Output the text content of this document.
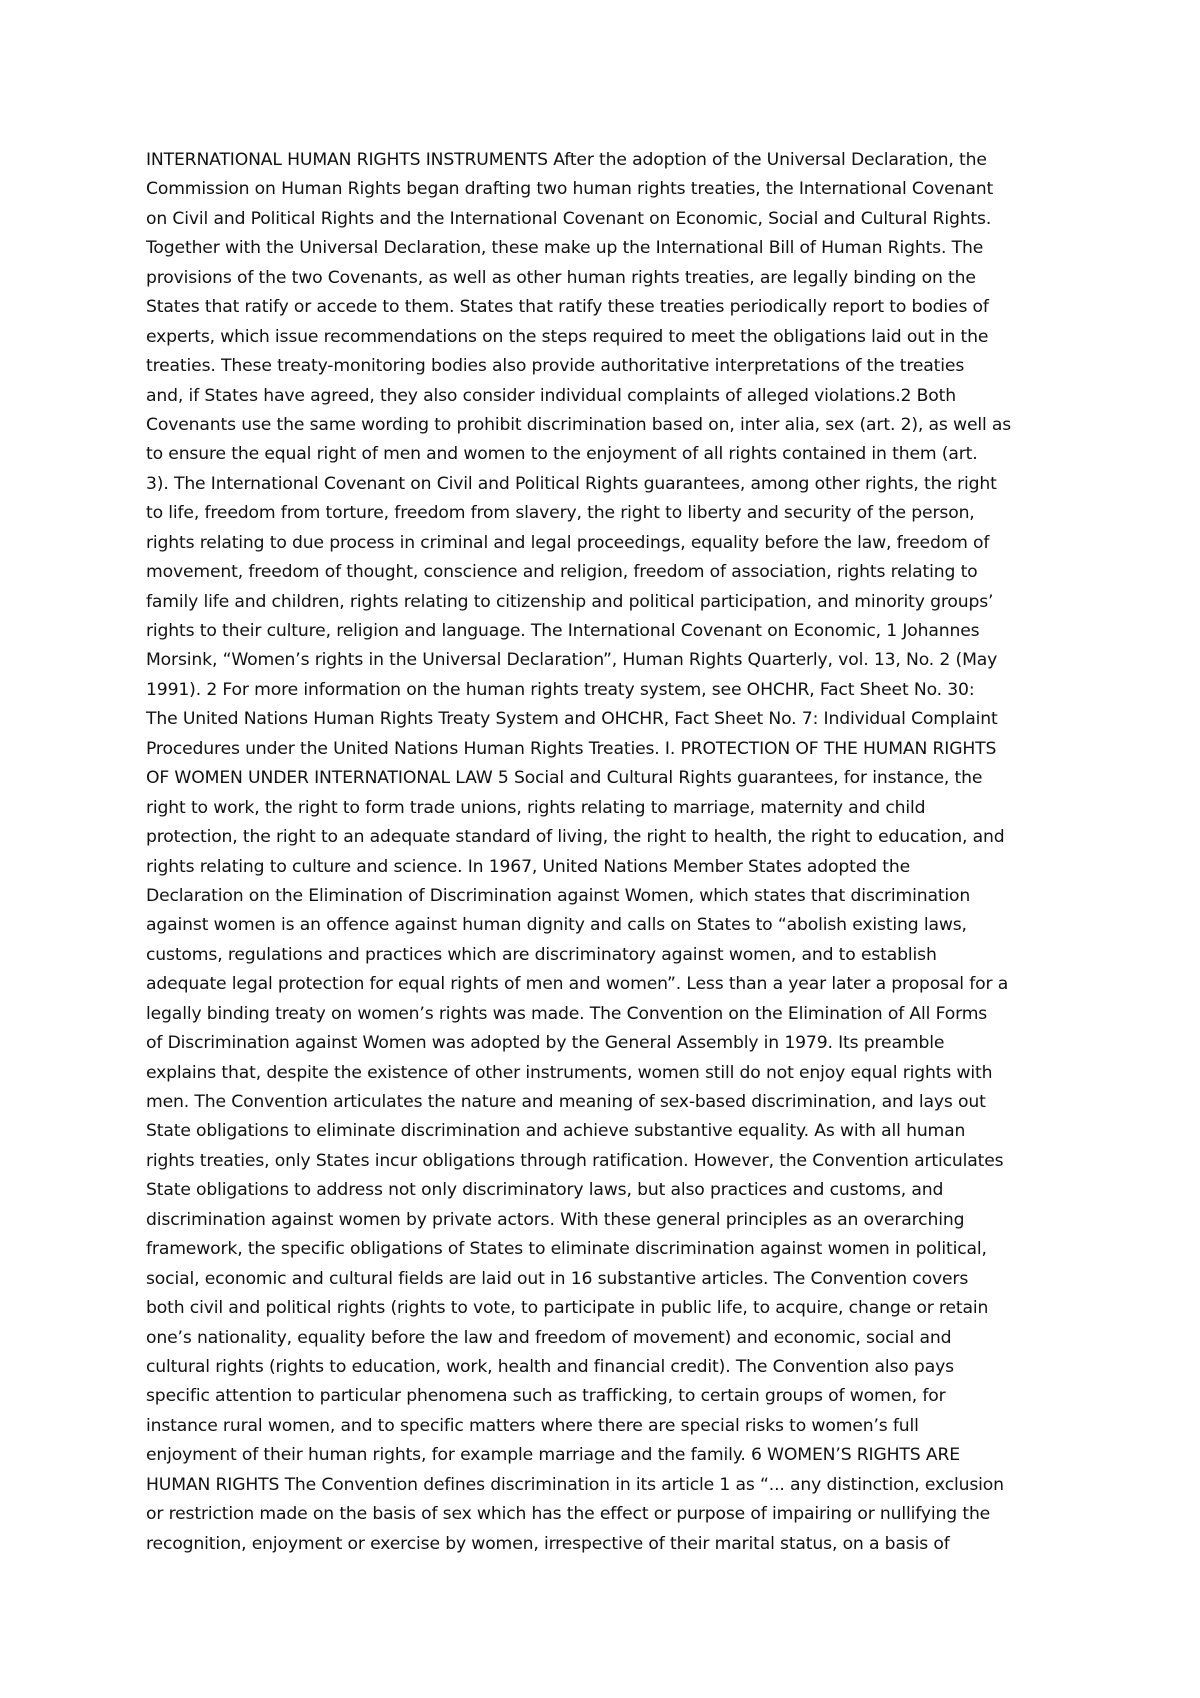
INTERNATIONAL HUMAN RIGHTS INSTRUMENTS After the adoption of the Universal Declaration, the
Commission on Human Rights began drafting two human rights treaties, the International Covenant
on Civil and Political Rights and the International Covenant on Economic, Social and Cultural Rights.
Together with the Universal Declaration, these make up the International Bill of Human Rights. The
provisions of the two Covenants, as well as other human rights treaties, are legally binding on the
States that ratify or accede to them. States that ratify these treaties periodically report to bodies of
experts, which issue recommendations on the steps required to meet the obligations laid out in the
treaties. These treaty-monitoring bodies also provide authoritative interpretations of the treaties
and, if States have agreed, they also consider individual complaints of alleged violations.2 Both
Covenants use the same wording to prohibit discrimination based on, inter alia, sex (art. 2), as well as
to ensure the equal right of men and women to the enjoyment of all rights contained in them (art.
3). The International Covenant on Civil and Political Rights guarantees, among other rights, the right
to life, freedom from torture, freedom from slavery, the right to liberty and security of the person,
rights relating to due process in criminal and legal proceedings, equality before the law, freedom of
movement, freedom of thought, conscience and religion, freedom of association, rights relating to
family life and children, rights relating to citizenship and political participation, and minority groups’
rights to their culture, religion and language. The International Covenant on Economic, 1 Johannes
Morsink, “Women’s rights in the Universal Declaration”, Human Rights Quarterly, vol. 13, No. 2 (May
1991). 2 For more information on the human rights treaty system, see OHCHR, Fact Sheet No. 30:
The United Nations Human Rights Treaty System and OHCHR, Fact Sheet No. 7: Individual Complaint
Procedures under the United Nations Human Rights Treaties. I. PROTECTION OF THE HUMAN RIGHTS
OF WOMEN UNDER INTERNATIONAL LAW 5 Social and Cultural Rights guarantees, for instance, the
right to work, the right to form trade unions, rights relating to marriage, maternity and child
protection, the right to an adequate standard of living, the right to health, the right to education, and
rights relating to culture and science. In 1967, United Nations Member States adopted the
Declaration on the Elimination of Discrimination against Women, which states that discrimination
against women is an offence against human dignity and calls on States to “abolish existing laws,
customs, regulations and practices which are discriminatory against women, and to establish
adequate legal protection for equal rights of men and women”. Less than a year later a proposal for a
legally binding treaty on women’s rights was made. The Convention on the Elimination of All Forms
of Discrimination against Women was adopted by the General Assembly in 1979. Its preamble
explains that, despite the existence of other instruments, women still do not enjoy equal rights with
men. The Convention articulates the nature and meaning of sex-based discrimination, and lays out
State obligations to eliminate discrimination and achieve substantive equality. As with all human
rights treaties, only States incur obligations through ratification. However, the Convention articulates
State obligations to address not only discriminatory laws, but also practices and customs, and
discrimination against women by private actors. With these general principles as an overarching
framework, the specific obligations of States to eliminate discrimination against women in political,
social, economic and cultural fields are laid out in 16 substantive articles. The Convention covers
both civil and political rights (rights to vote, to participate in public life, to acquire, change or retain
one’s nationality, equality before the law and freedom of movement) and economic, social and
cultural rights (rights to education, work, health and financial credit). The Convention also pays
specific attention to particular phenomena such as trafficking, to certain groups of women, for
instance rural women, and to specific matters where there are special risks to women’s full
enjoyment of their human rights, for example marriage and the family. 6 WOMEN’S RIGHTS ARE
HUMAN RIGHTS The Convention defines discrimination in its article 1 as “... any distinction, exclusion
or restriction made on the basis of sex which has the effect or purpose of impairing or nullifying the
recognition, enjoyment or exercise by women, irrespective of their marital status, on a basis of
